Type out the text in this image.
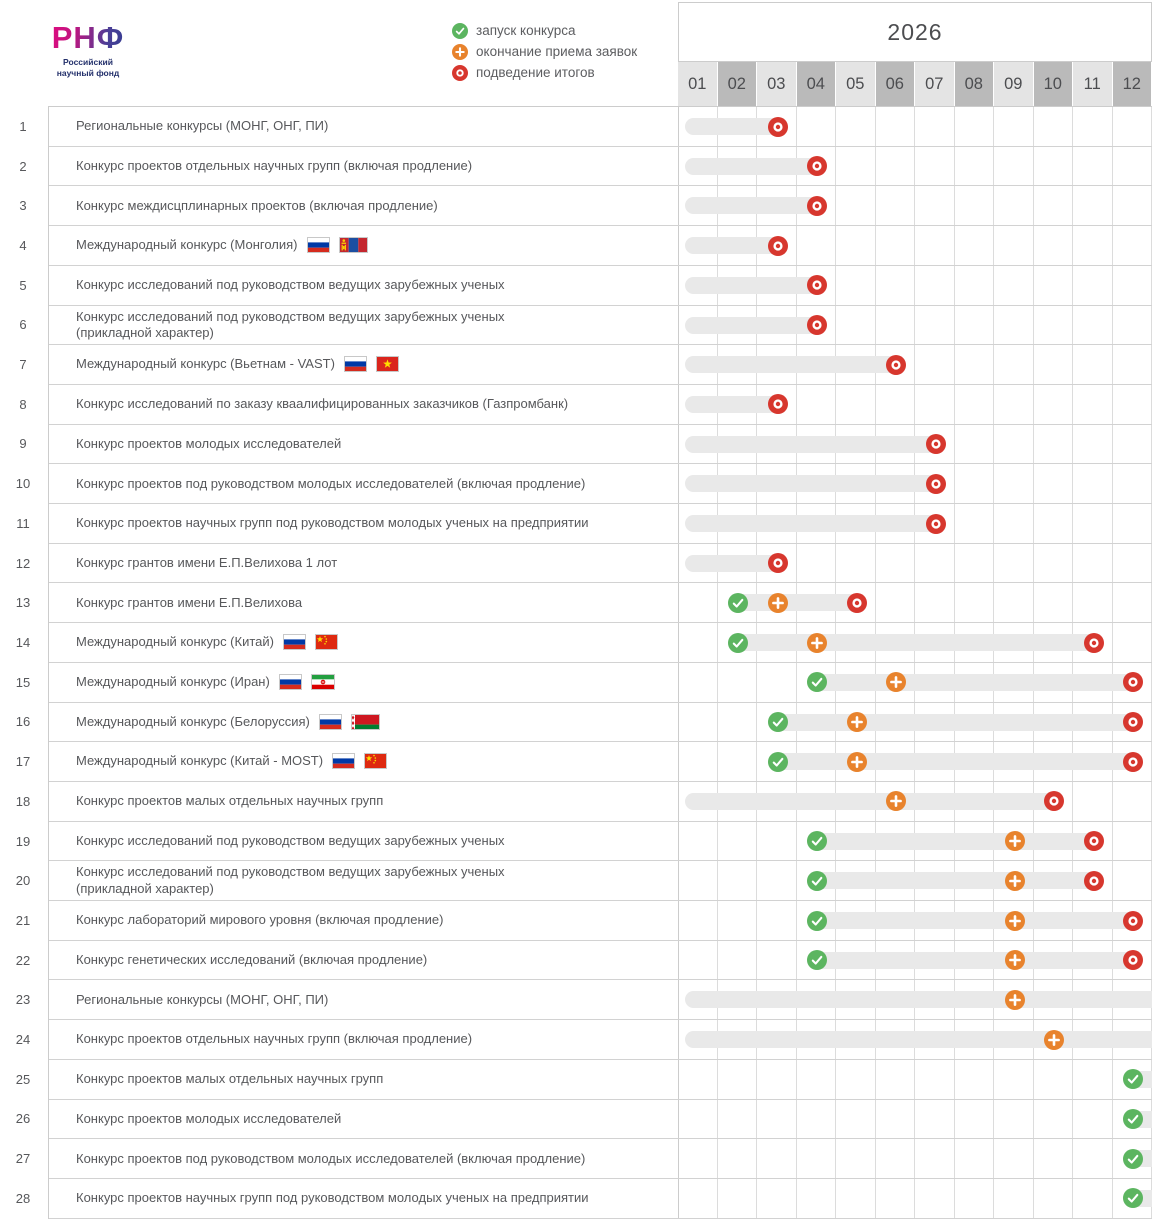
РНФ
Российский
научный фонд
запуск конкурса
окончание приема заявок
подведение итогов
2026
01	02	03	04	05	06	07	08	09	10	11	12
1	Региональные конкурсы (МОНГ, ОНГ, ПИ)
2	Конкурс проектов отдельных научных групп (включая продление)
3	Конкурс междисцплинарных проектов (включая продление)
4	Международный конкурс (Монголия)
5	Конкурс исследований под руководством ведущих зарубежных ученых
6
Конкурс исследований под руководством ведущих зарубежных ученых
(прикладной характер)
7	Международный конкурс (Вьетнам - VAST)
8	Конкурс исследований по заказу кваалифицированных заказчиков (Газпромбанк)
9	Конкурс проектов молодых исследователей
10	Конкурс проектов под руководством молодых исследователей (включая продление)
11	Конкурс проектов научных групп под руководством молодых ученых на предприятии
12	Конкурс грантов имени Е.П.Велихова 1 лот
13	Конкурс грантов имени Е.П.Велихова
14	Международный конкурс (Китай)
15	Международный конкурс (Иран)
16	Международный конкурс (Белоруссия)
17	Международный конкурс (Китай - MOST)
18	Конкурс проектов малых отдельных научных групп
19	Конкурс исследований под руководством ведущих зарубежных ученых
20
Конкурс исследований под руководством ведущих зарубежных ученых
(прикладной характер)
21	Конкурс лабораторий мирового уровня (включая продление)
22	Конкурс генетических исследований (включая продление)
23	Региональные конкурсы (МОНГ, ОНГ, ПИ)
24	Конкурс проектов отдельных научных групп (включая продление)
25	Конкурс проектов малых отдельных научных групп
26	Конкурс проектов молодых исследователей
27	Конкурс проектов под руководством молодых исследователей (включая продление)
28	Конкурс проектов научных групп под руководством молодых ученых на предприятии
